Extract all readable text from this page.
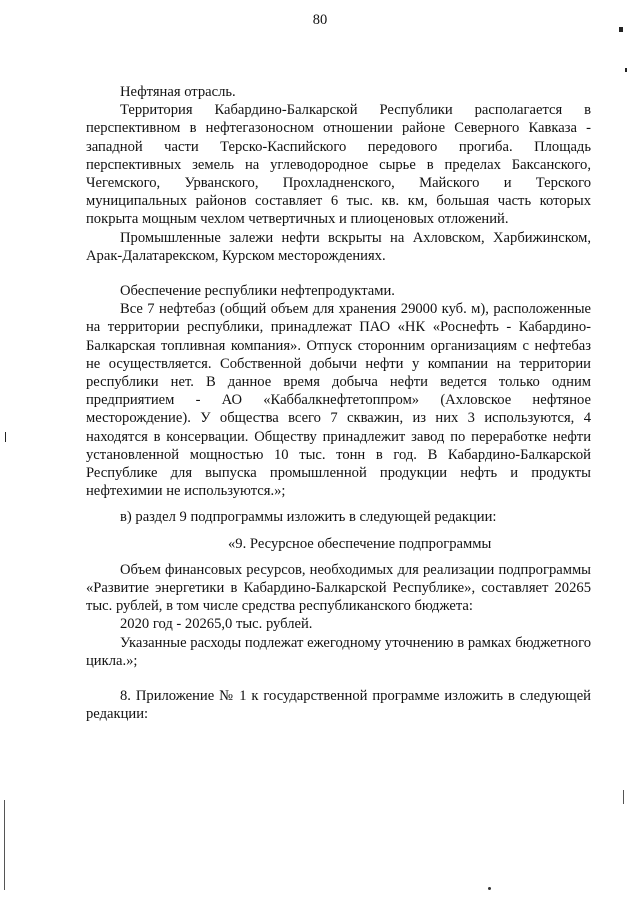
80

Нефтяная отрасль.

Территория Кабардино-Балкарской Республики располагается в перспективном в нефтегазоносном отношении районе Северного Кавказа - западной части Терско-Каспийского передового прогиба. Площадь перспективных земель на углеводородное сырье в пределах Баксанского, Чегемского, Урванского, Прохладненского, Майского и Терского муниципальных районов составляет 6 тыс. кв. км, большая часть которых покрыта мощным чехлом четвертичных и плиоценовых отложений.

Промышленные залежи нефти вскрыты на Ахловском, Харбижинском, Арак-Далатарекском, Курском месторождениях.

Обеспечение республики нефтепродуктами.

Все 7 нефтебаз (общий объем для хранения 29000 куб. м), расположенные на территории республики, принадлежат ПАО «НК «Роснефть - Кабардино-Балкарская топливная компания». Отпуск сторонним организациям с нефтебаз не осуществляется. Собственной добычи нефти у компании на территории республики нет. В данное время добыча нефти ведется только одним предприятием - АО «Каббалкнефтетоппром» (Ахловское нефтяное месторождение). У общества всего 7 скважин, из них 3 используются, 4 находятся в консервации. Обществу принадлежит завод по переработке нефти установленной мощностью 10 тыс. тонн в год. В Кабардино-Балкарской Республике для выпуска промышленной продукции нефть и продукты нефтехимии не используются.»;

в) раздел 9 подпрограммы изложить в следующей редакции:

«9. Ресурсное обеспечение подпрограммы

Объем финансовых ресурсов, необходимых для реализации подпрограммы «Развитие энергетики в Кабардино-Балкарской Республике», составляет 20265 тыс. рублей, в том числе средства республиканского бюджета:

2020 год - 20265,0 тыс. рублей.

Указанные расходы подлежат ежегодному уточнению в рамках бюджетного цикла.»;

8. Приложение № 1 к государственной программе изложить в следующей редакции:
